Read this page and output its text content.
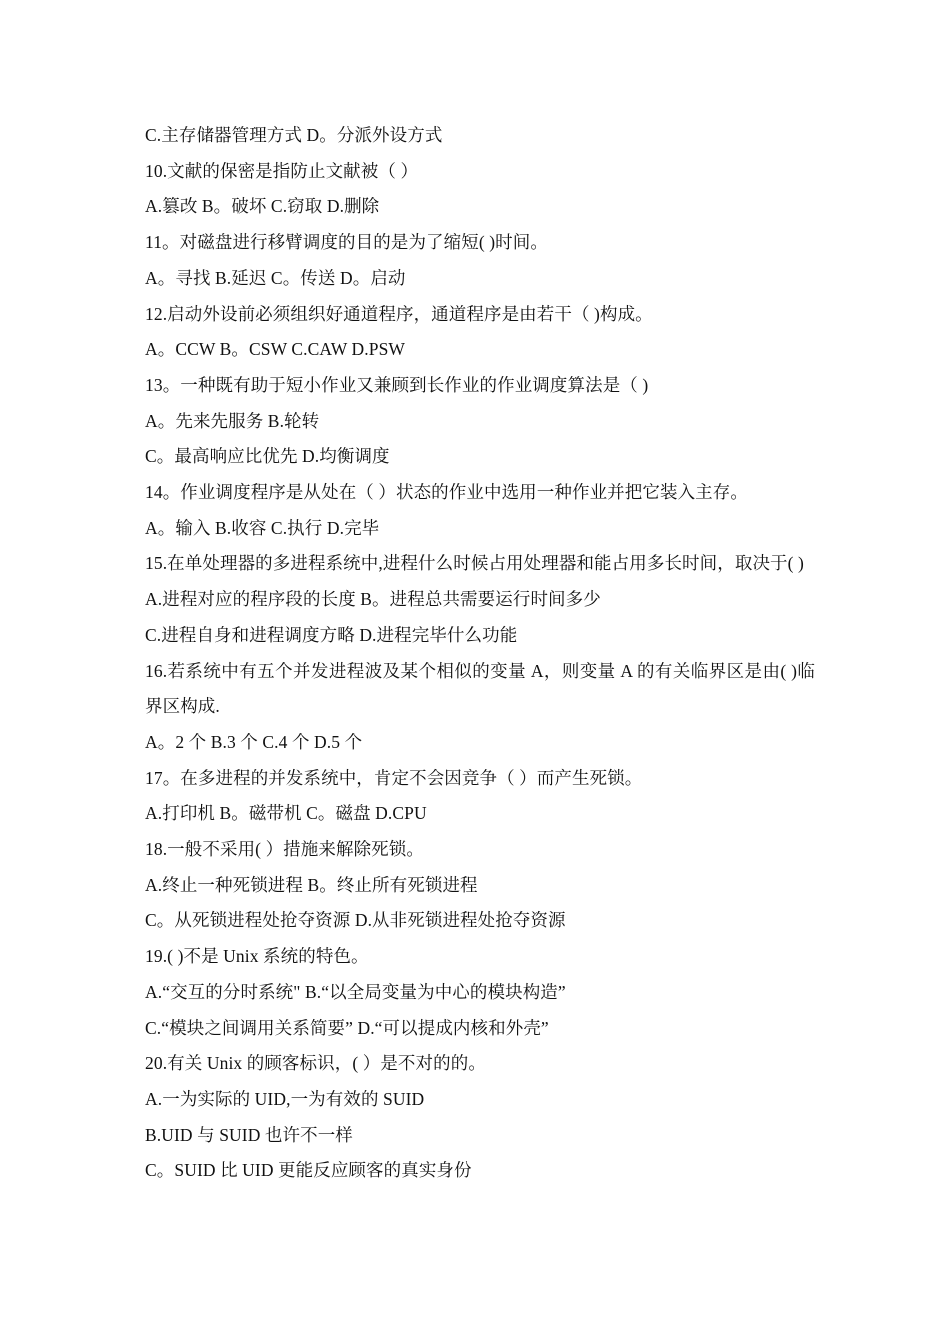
C.主存储器管理方式 D。分派外设方式
10.文献的保密是指防止文献被（ ）
A.篡改 B。破坏 C.窃取 D.删除
11。对磁盘进行移臂调度的目的是为了缩短( )时间。
A。寻找 B.延迟 C。传送 D。启动
12.启动外设前必须组织好通道程序，通道程序是由若干（ )构成。
A。CCW B。CSW C.CAW D.PSW
13。一种既有助于短小作业又兼顾到长作业的作业调度算法是（ )
A。先来先服务 B.轮转
C。最高响应比优先 D.均衡调度
14。作业调度程序是从处在（ ）状态的作业中选用一种作业并把它装入主存。
A。输入 B.收容 C.执行 D.完毕
15.在单处理器的多进程系统中,进程什么时候占用处理器和能占用多长时间，取决于( )
A.进程对应的程序段的长度 B。进程总共需要运行时间多少
C.进程自身和进程调度方略 D.进程完毕什么功能
16.若系统中有五个并发进程波及某个相似的变量 A，则变量 A 的有关临界区是由( )临界区构成.
A。2 个 B.3 个 C.4 个 D.5 个
17。在多进程的并发系统中，肯定不会因竞争（ ）而产生死锁。
A.打印机 B。磁带机 C。磁盘 D.CPU
18.一般不采用( ）措施来解除死锁。
A.终止一种死锁进程 B。终止所有死锁进程
C。从死锁进程处抢夺资源 D.从非死锁进程处抢夺资源
19.( )不是 Unix 系统的特色。
A.“交互的分时系统" B.“以全局变量为中心的模块构造”
C.“模块之间调用关系简要” D.“可以提成内核和外壳”
20.有关 Unix 的顾客标识，( ）是不对的的。
A.一为实际的 UID,一为有效的 SUID
B.UID 与 SUID 也许不一样
C。SUID 比 UID 更能反应顾客的真实身份
